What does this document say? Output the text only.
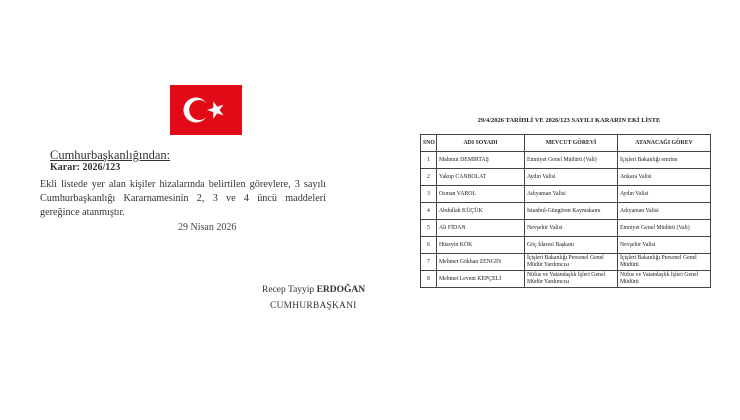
Cumhurbaşkanlığından:
Karar: 2026/123
Ekli listede yer alan kişiler hizalarında belirtilen görevlere, 3 sayılı Cumhurbaşkanlığı Kararnamesinin 2, 3 ve 4 üncü maddeleri gereğince atanmıştır.
29 Nisan 2026
Recep Tayyip ERDOĞAN
CUMHURBAŞKANI
29/4/2026 TARİHLİ VE 2026/123 SAYILI KARARIN EKİ LİSTE
SNO	ADI SOYADI	MEVCUT GÖREVİ	ATANACAĞI GÖREV
1	Mahmut DEMİRTAŞ	Emniyet Genel Müdürü (Vali)	İçişleri Bakanlığı emrine
2	Yakup CANBOLAT	Aydın Valisi	Ankara Valisi
3	Osman VAROL	Adıyaman Valisi	Aydın Valisi
4	Abdullah KÜÇÜK	İstanbul-Güngören Kaymakamı	Adıyaman Valisi
5	Ali FİDAN	Nevşehir Valisi	Emniyet Genel Müdürü (Vali)
6	Hüseyin KÖK	Göç İdaresi Başkanı	Nevşehir Valisi
7	Mehmet Gökhan ZENGİN	İçişleri Bakanlığı Personel Genel Müdür Yardımcısı	İçişleri Bakanlığı Personel Genel Müdürü
8	Mehmet Levent KEPÇELİ	Nüfus ve Vatandaşlık İşleri Genel Müdür Yardımcısı	Nüfus ve Vatandaşlık İşleri Genel Müdürü
